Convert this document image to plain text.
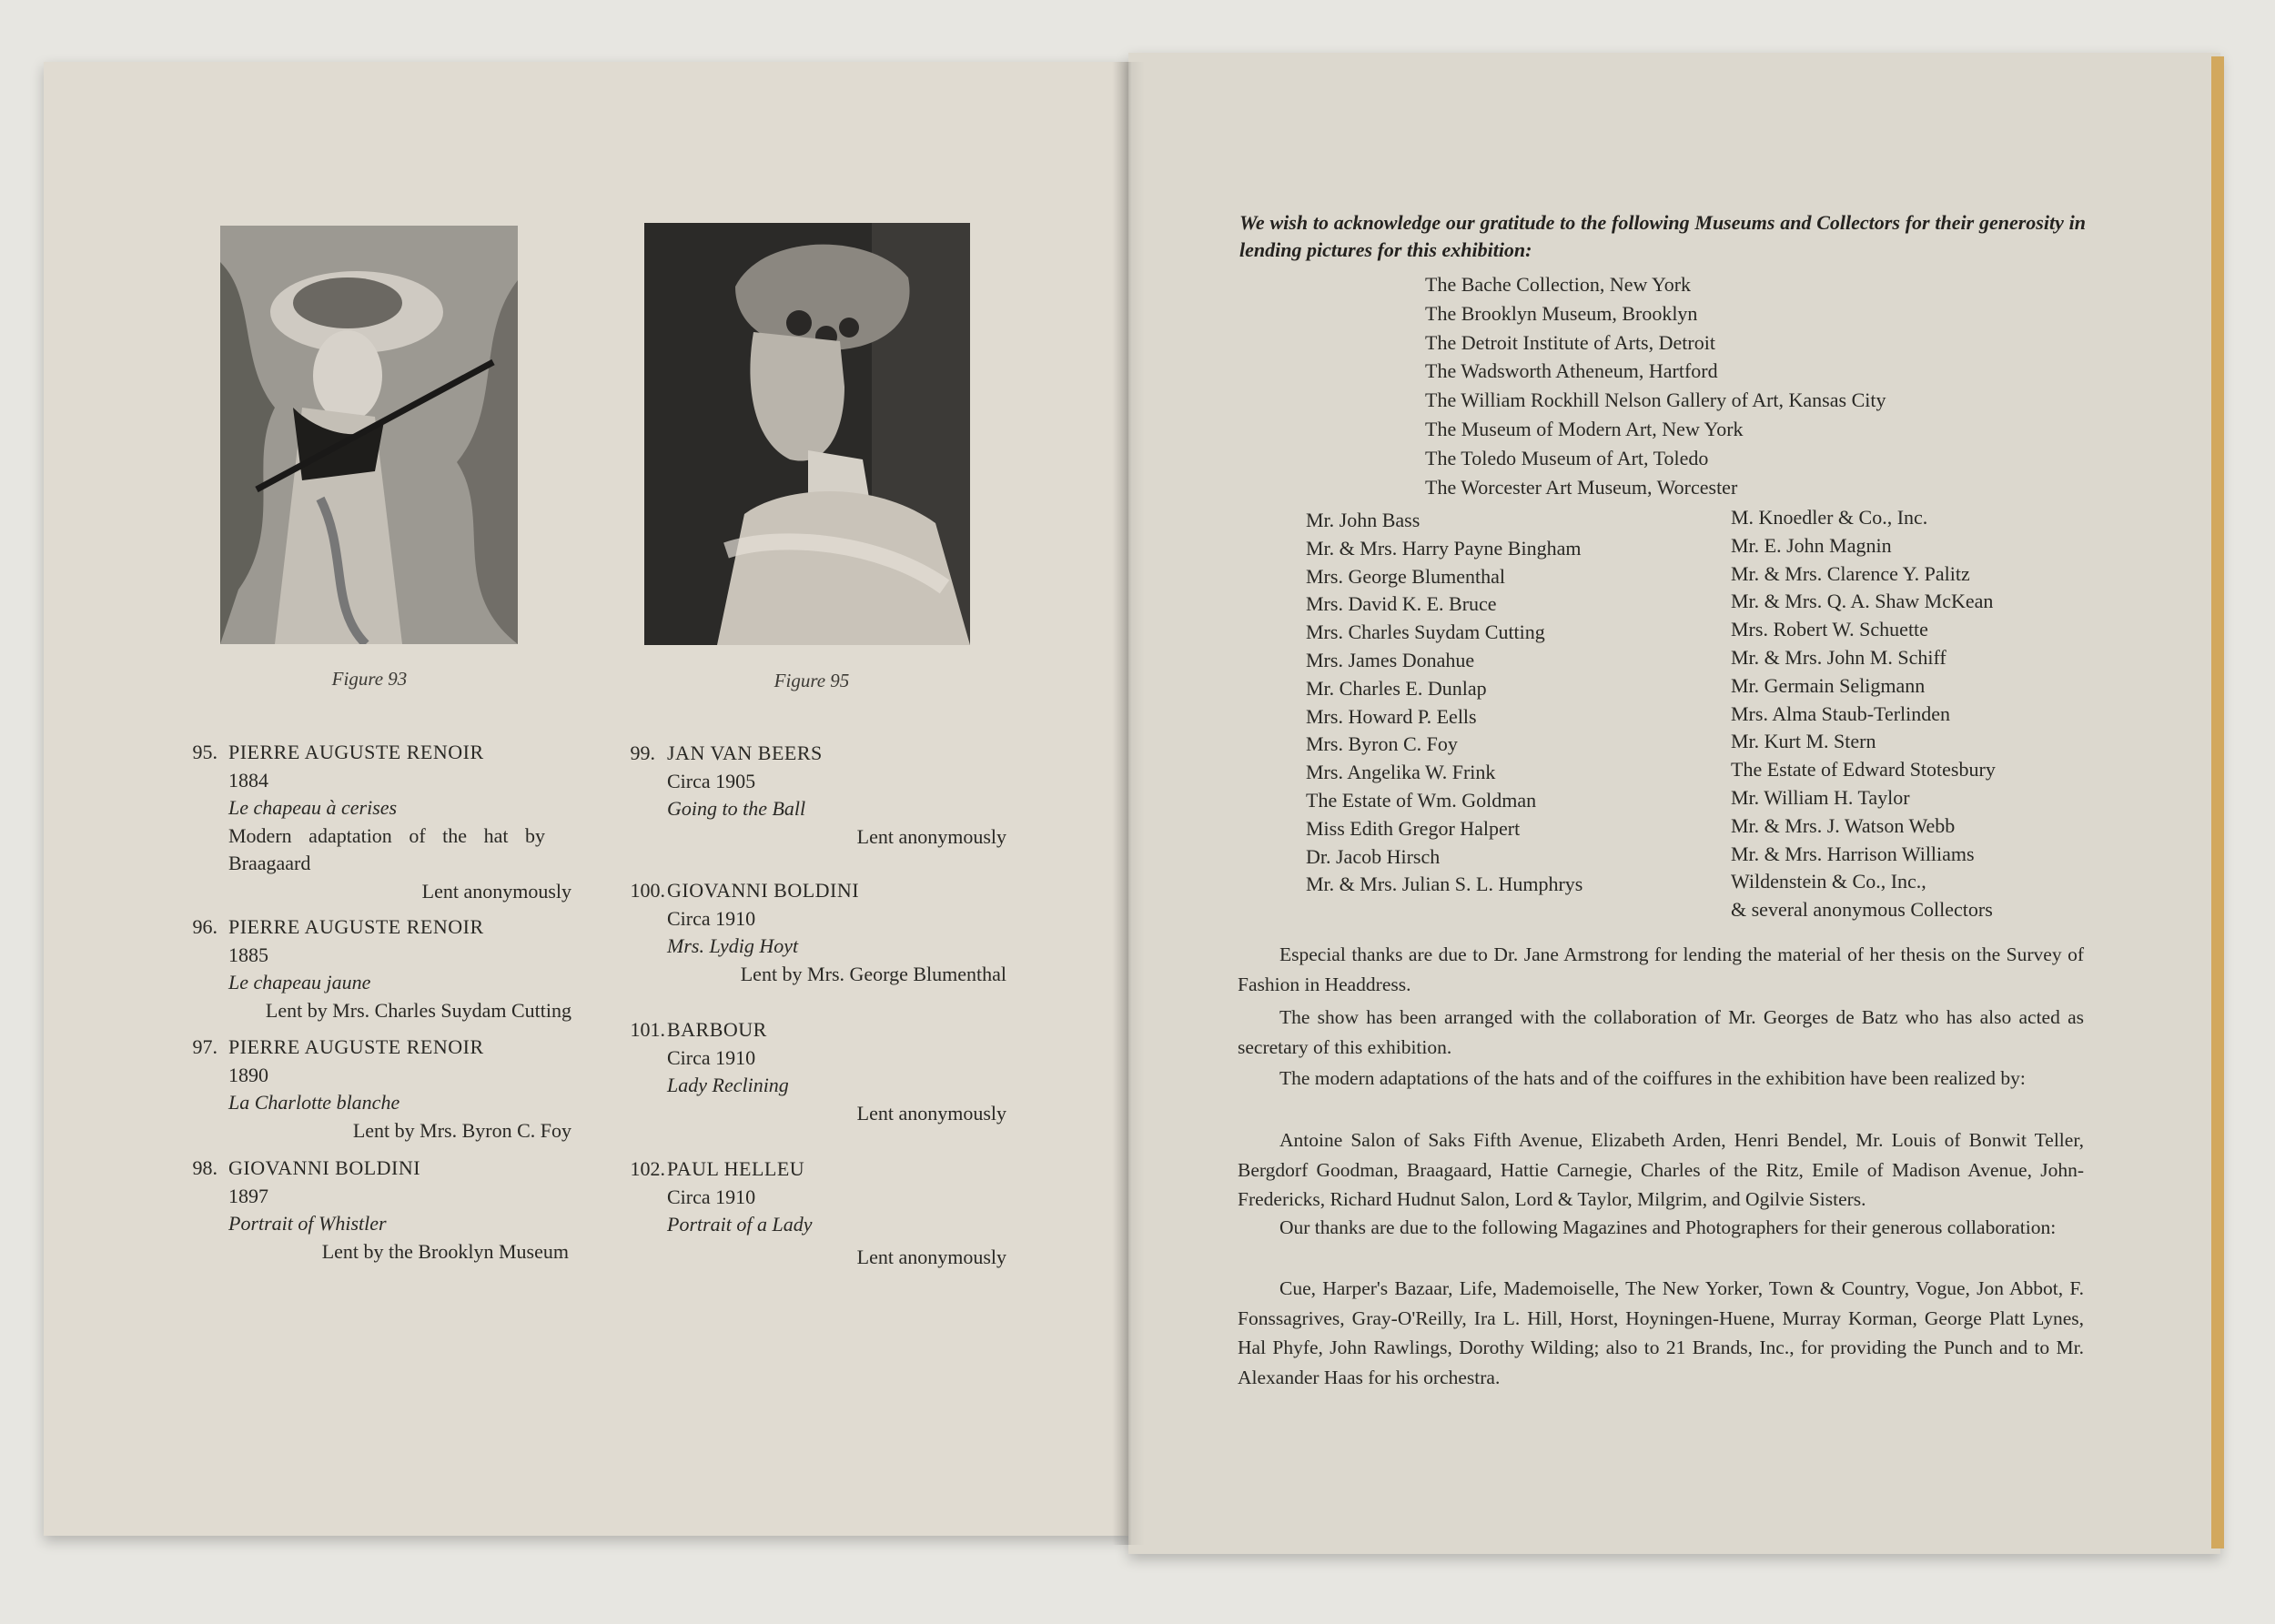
Figure 93	Figure 95
95. PIERRE AUGUSTE RENOIR
1884
Le chapeau à cerises
Modern adaptation of the hat by
Braagaard
Lent anonymously
96. PIERRE AUGUSTE RENOIR
1885
Le chapeau jaune
Lent by Mrs. Charles Suydam Cutting
97. PIERRE AUGUSTE RENOIR
1890
La Charlotte blanche
Lent by Mrs. Byron C. Foy
98. GIOVANNI BOLDINI
1897
Portrait of Whistler
Lent by the Brooklyn Museum
99. JAN VAN BEERS
Circa 1905
Going to the Ball
Lent anonymously
100. GIOVANNI BOLDINI
Circa 1910
Mrs. Lydig Hoyt
Lent by Mrs. George Blumenthal
101. BARBOUR
Circa 1910
Lady Reclining
Lent anonymously
102. PAUL HELLEU
Circa 1910
Portrait of a Lady
Lent anonymously
We wish to acknowledge our gratitude to the following Museums and Collectors for their generosity in lending pictures for this exhibition:
The Bache Collection, New York
The Brooklyn Museum, Brooklyn
The Detroit Institute of Arts, Detroit
The Wadsworth Atheneum, Hartford
The William Rockhill Nelson Gallery of Art, Kansas City
The Museum of Modern Art, New York
The Toledo Museum of Art, Toledo
The Worcester Art Museum, Worcester
Mr. John Bass
Mr. & Mrs. Harry Payne Bingham
Mrs. George Blumenthal
Mrs. David K. E. Bruce
Mrs. Charles Suydam Cutting
Mrs. James Donahue
Mr. Charles E. Dunlap
Mrs. Howard P. Eells
Mrs. Byron C. Foy
Mrs. Angelika W. Frink
The Estate of Wm. Goldman
Miss Edith Gregor Halpert
Dr. Jacob Hirsch
Mr. & Mrs. Julian S. L. Humphrys
M. Knoedler & Co., Inc.
Mr. E. John Magnin
Mr. & Mrs. Clarence Y. Palitz
Mr. & Mrs. Q. A. Shaw McKean
Mrs. Robert W. Schuette
Mr. & Mrs. John M. Schiff
Mr. Germain Seligmann
Mrs. Alma Staub-Terlinden
Mr. Kurt M. Stern
The Estate of Edward Stotesbury
Mr. William H. Taylor
Mr. & Mrs. J. Watson Webb
Mr. & Mrs. Harrison Williams
Wildenstein & Co., Inc.,
& several anonymous Collectors
Especial thanks are due to Dr. Jane Armstrong for lending the material of her thesis on the Survey of Fashion in Headdress.
The show has been arranged with the collaboration of Mr. Georges de Batz who has also acted as secretary of this exhibition.
The modern adaptations of the hats and of the coiffures in the exhibition have been realized by:
Antoine Salon of Saks Fifth Avenue, Elizabeth Arden, Henri Bendel, Mr. Louis of Bonwit Teller, Bergdorf Goodman, Braagaard, Hattie Carnegie, Charles of the Ritz, Emile of Madison Avenue, John-Fredericks, Richard Hudnut Salon, Lord & Taylor, Milgrim, and Ogilvie Sisters.
Our thanks are due to the following Magazines and Photographers for their generous collaboration:
Cue, Harper's Bazaar, Life, Mademoiselle, The New Yorker, Town & Country, Vogue, Jon Abbot, F. Fonssagrives, Gray-O'Reilly, Ira L. Hill, Horst, Hoyningen-Huene, Murray Korman, George Platt Lynes, Hal Phyfe, John Rawlings, Dorothy Wilding; also to 21 Brands, Inc., for providing the Punch and to Mr. Alexander Haas for his orchestra.
